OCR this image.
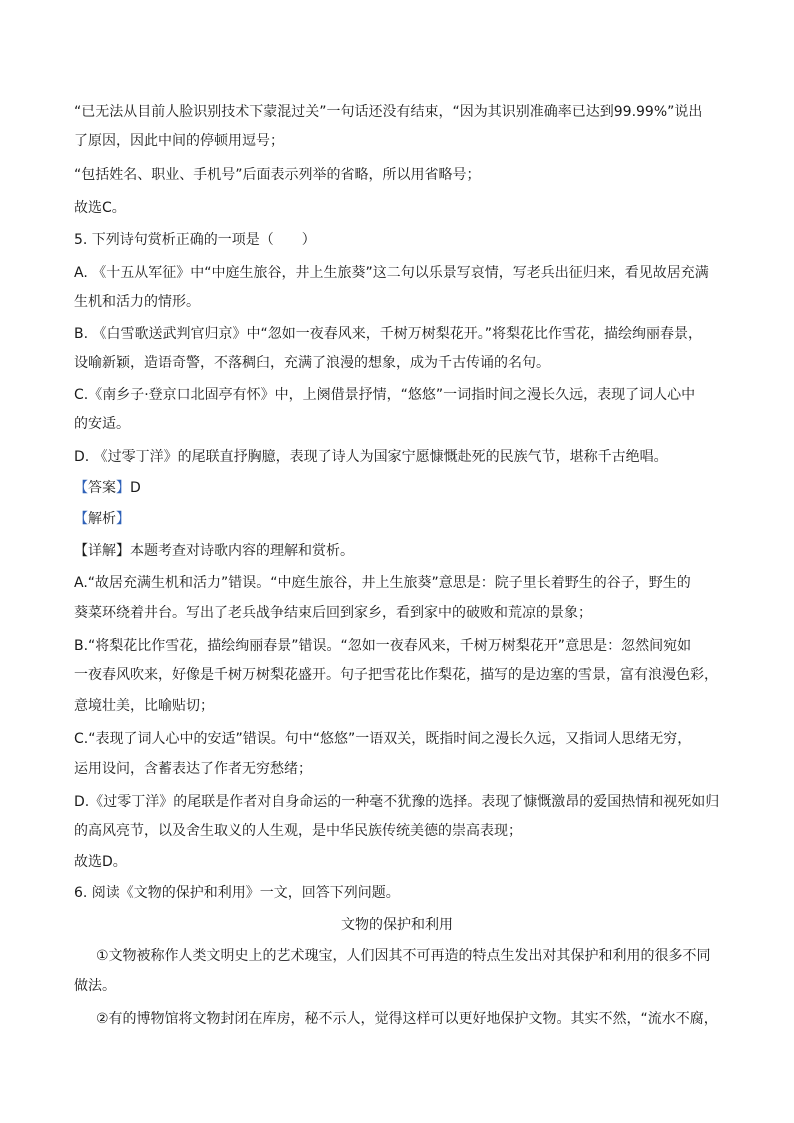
“已无法从目前人脸识别技术下蒙混过关”一句话还没有结束，“因为其识别准确率已达到99.99%”说出
了原因，因此中间的停顿用逗号；
“包括姓名、职业、手机号”后面表示列举的省略，所以用省略号；
故选C。
5. 下列诗句赏析正确的一项是（　　）
A. 《十五从军征》中“中庭生旅谷，井上生旅葵”这二句以乐景写哀情，写老兵出征归来，看见故居充满
生机和活力的情形。
B. 《白雪歌送武判官归京》中“忽如一夜春风来，千树万树梨花开。”将梨花比作雪花，描绘绚丽春景，
设喻新颖，造语奇警，不落稠臼，充满了浪漫的想象，成为千古传诵的名句。
C.《南乡子·登京口北固亭有怀》中，上阕借景抒情，“悠悠”一词指时间之漫长久远，表现了词人心中
的安适。
D. 《过零丁洋》的尾联直抒胸臆，表现了诗人为国家宁愿慷慨赴死的民族气节，堪称千古绝唱。
【答案】D
【解析】
【详解】本题考查对诗歌内容的理解和赏析。
A.“故居充满生机和活力”错误。“中庭生旅谷，井上生旅葵”意思是：院子里长着野生的谷子，野生的
葵菜环绕着井台。写出了老兵战争结束后回到家乡，看到家中的破败和荒凉的景象；
B.“将梨花比作雪花，描绘绚丽春景”错误。“忽如一夜春风来，千树万树梨花开”意思是：忽然间宛如
一夜春风吹来，好像是千树万树梨花盛开。句子把雪花比作梨花，描写的是边塞的雪景，富有浪漫色彩，
意境壮美，比喻贴切；
C.“表现了词人心中的安适”错误。句中“悠悠”一语双关，既指时间之漫长久远，又指词人思绪无穷，
运用设问，含蓄表达了作者无穷愁绪；
D.《过零丁洋》的尾联是作者对自身命运的一种毫不犹豫的选择。表现了慷慨激昂的爱国热情和视死如归
的高风亮节，以及舍生取义的人生观，是中华民族传统美德的崇高表现；
故选D。
6. 阅读《文物的保护和利用》一文，回答下列问题。
文物的保护和利用
①文物被称作人类文明史上的艺术瑰宝，人们因其不可再造的特点生发出对其保护和利用的很多不同
做法。
②有的博物馆将文物封闭在库房，秘不示人，觉得这样可以更好地保护文物。其实不然，“流水不腐，
